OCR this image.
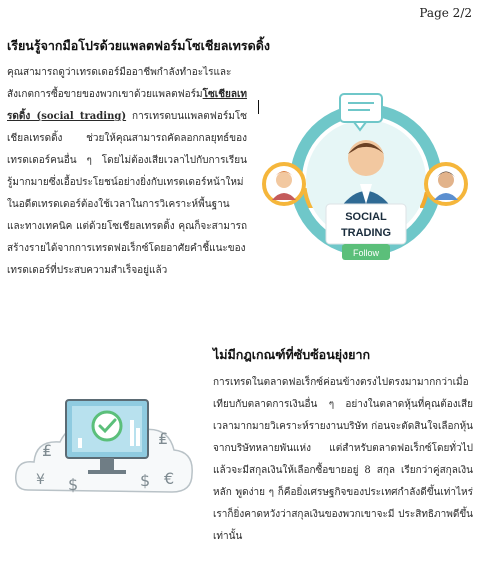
Page 2/2
เรียนรู้จากมือโปรด้วยแพลตฟอร์มโซเชียลเทรดดิ้ง
คุณสามารถดูว่าเทรดเดอร์มืออาชีพกำลังทำอะไรและสังเกตการซื้อขายของพวกเขาด้วยแพลตฟอร์มโซเชียลเทรดดิ้ง (social trading) การเทรดบนแพลตฟอร์มโซเชียลเทรดดิ้ง ช่วยให้คุณสามารถคัดลอกกลยุทธ์ของเทรดเดอร์คนอื่น ๆ โดยไม่ต้องเสียเวลาไปกับการเรียนรู้มากมายซึ่งเอื้อประโยชน์อย่างยิ่งกับเทรดเดอร์หน้าใหม่ ในอดีตเทรดเดอร์ต้องใช้เวลาในการวิเคราะห์พื้นฐานและทางเทคนิค แต่ด้วยโซเชียลเทรดดิ้ง คุณก็จะสามารถสร้างรายได้จากการเทรดฟอเร็กซ์โดยอาศัยคำชี้แนะของเทรดเดอร์ที่ประสบความสำเร็จอยู่แล้ว
SOCIAL
TRADING
Follow
ไม่มีกฎเกณฑ์ที่ซับซ้อนยุ่งยาก
การเทรดในตลาดฟอเร็กซ์ค่อนข้างตรงไปตรงมามากกว่าเมื่อเทียบกับตลาดการเงินอื่น ๆ อย่างในตลาดหุ้นที่คุณต้องเสียเวลามากมายวิเคราะห์รายงานบริษัท ก่อนจะตัดสินใจเลือกหุ้นจากบริษัทหลายพันแห่ง แต่สำหรับตลาดฟอเร็กซ์โดยทั่วไปแล้วจะมีสกุลเงินให้เลือกซื้อขายอยู่ 8 สกุล เรียกว่าคู่สกุลเงินหลัก พูดง่าย ๆ ก็คือยิ่งเศรษฐกิจของประเทศกำลังดีขึ้นเท่าไหร่เราก็ยิ่งคาดหวังว่าสกุลเงินของพวกเขาจะมี ประสิทธิภาพดีขึ้นเท่านั้น
₤
¥ $
₤
$ €
